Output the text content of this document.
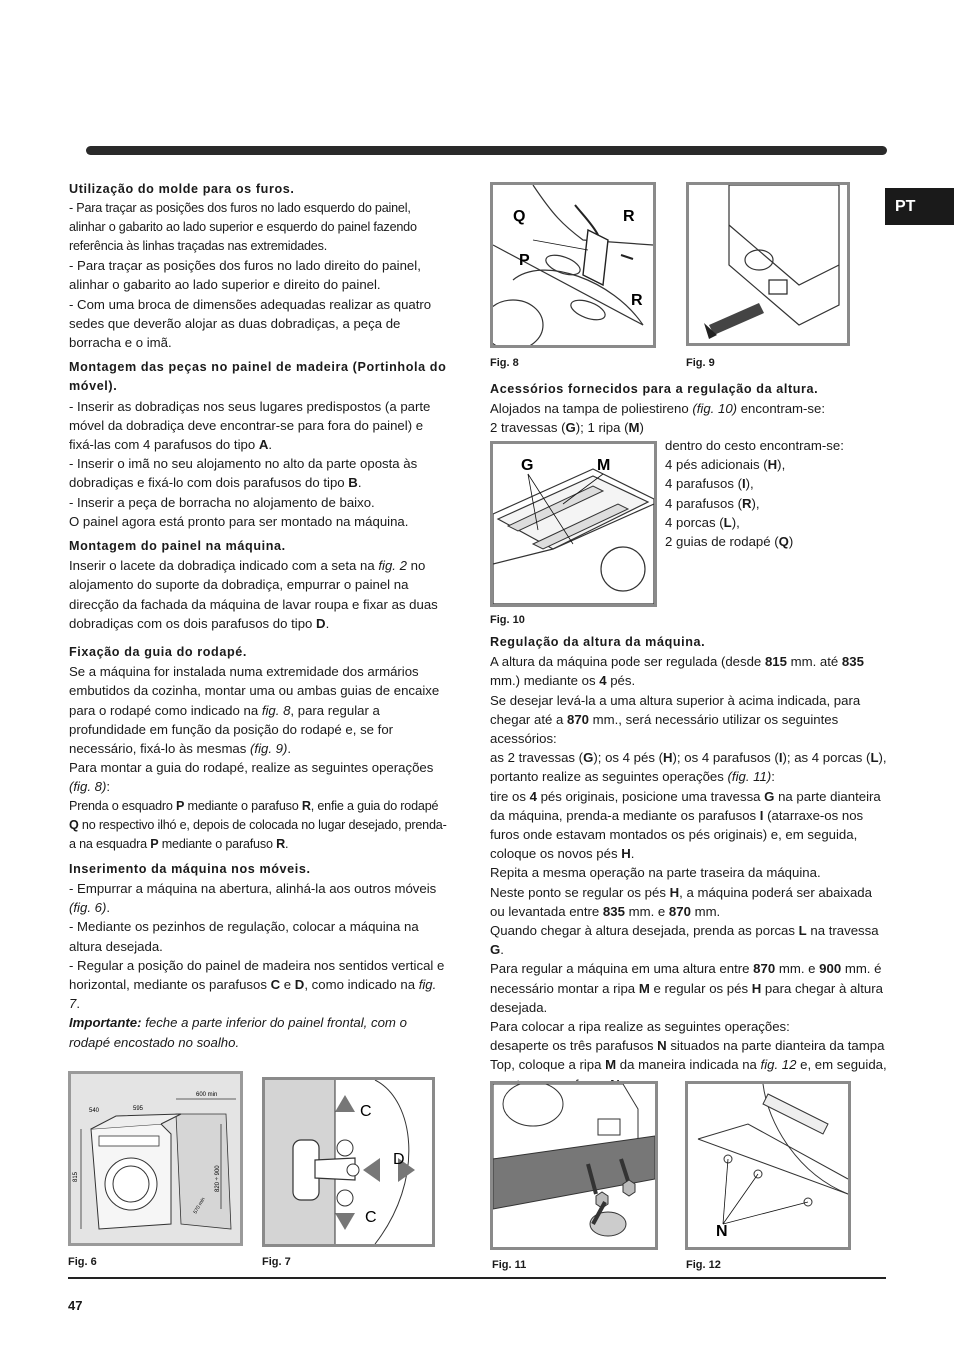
PT

Utilização do molde para os furos.

- Para traçar as posições dos furos no lado esquerdo do painel, alinhar o gabarito ao lado superior e esquerdo do painel fazendo referência às linhas traçadas nas extremidades.

- Para traçar as posições dos furos no lado direito do painel, alinhar o gabarito ao lado superior e direito do painel.

- Com uma broca de dimensões adequadas realizar as quatro sedes que deverão alojar as duas dobradiças, a peça de borracha e o imã.

Montagem das peças no painel de madeira (Portinhola do móvel).

- Inserir as dobradiças nos seus lugares predispostos (a parte móvel da dobradiça deve encontrar-se para fora do painel) e fixá-las com 4 parafusos do tipo A.

- Inserir o imã no seu alojamento no alto da parte oposta às dobradiças e fixá-lo com dois parafusos do tipo B.

- Inserir a peça de borracha no alojamento de baixo.

O painel agora está pronto para ser montado na máquina.

Montagem do painel na máquina.

Inserir o lacete da dobradiça indicado com a seta na fig. 2 no alojamento do suporte da dobradiça, empurrar o painel na direcção da fachada da máquina de lavar roupa e fixar as duas dobradiças com os dois parafusos do tipo D.

Fixação da guia do rodapé.

Se a máquina for instalada numa extremidade dos armários embutidos da cozinha, montar uma ou ambas guias de encaixe para o rodapé como indicado na fig. 8, para regular a profundidade em função da posição do rodapé e, se for necessário, fixá-lo às mesmas (fig. 9).

Para montar a guia do rodapé, realize as seguintes operações (fig. 8):

Prenda o esquadro P mediante o parafuso R, enfie a guia do rodapé Q no respectivo ilhó e, depois de colocada no lugar desejado, prenda-a na esquadra P mediante o parafuso R.

Inserimento da máquina nos móveis.

- Empurrar a máquina na abertura, alinhá-la aos outros móveis (fig. 6).

- Mediante os pezinhos de regulação, colocar a máquina na altura desejada.

- Regular a posição do painel de madeira nos sentidos vertical e horizontal, mediante os parafusos C e D, como indicado na fig. 7.

Importante: feche a parte inferior do painel frontal, com o rodapé encostado no soalho.

Q	R
P
R
Fig. 8	Fig. 9

Acessórios fornecidos para a regulação da altura.

Alojados na tampa de poliestireno (fig. 10) encontram-se:

2 travessas (G); 1 ripa (M)

G	M
Fig. 10

dentro do cesto encontram-se:

4 pés adicionais (H),

4 parafusos (I),

4 parafusos (R),

4 porcas (L),

2 guias de rodapé (Q)

Regulação da altura da máquina.

A altura da máquina pode ser regulada (desde 815 mm. até 835 mm.) mediante os 4 pés.

Se desejar levá-la a uma altura superior à acima indicada, para chegar até a 870 mm., será necessário utilizar os seguintes acessórios:

as 2 travessas (G); os 4 pés (H); os 4 parafusos (I); as 4 porcas (L), portanto realize as seguintes operações (fig. 11):

tire os 4 pés originais, posicione uma travessa G na parte dianteira da máquina, prenda-a mediante os parafusos I (atarraxe-os nos furos onde estavam montados os pés originais) e, em seguida, coloque os novos pés H.

Repita a mesma operação na parte traseira da máquina.

Neste ponto se regular os pés H, a máquina poderá ser abaixada ou levantada entre 835 mm. e 870 mm.

Quando chegar à altura desejada, prenda as porcas L na travessa G.

Para regular a máquina em uma altura entre 870 mm. e 900 mm. é necessário montar a ripa M e regular os pés H para chegar à altura desejada.

Para colocar a ripa realize as seguintes operações:

desaperte os três parafusos N situados na parte dianteira da tampa Top, coloque a ripa M da maneira indicada na fig. 12 e, em seguida,

540	595
600 min
815	820 ÷ 900
570 min
Fig. 6
C
D
C
Fig. 7	Fig. 11
N
Fig. 12
47
